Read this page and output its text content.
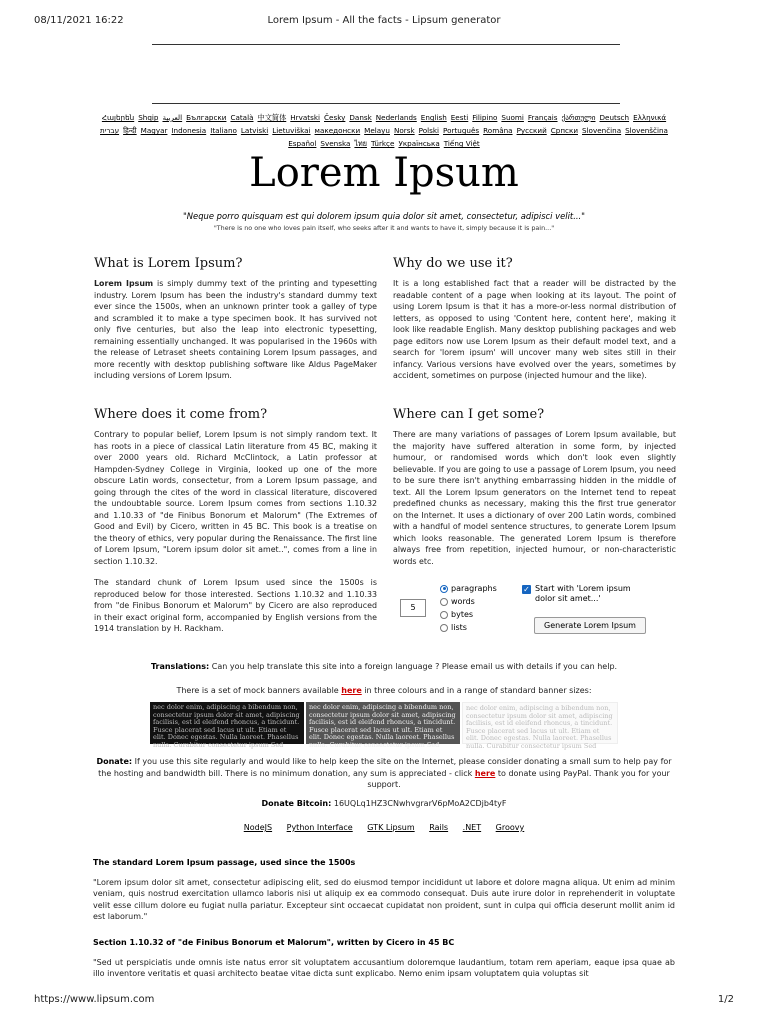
08/11/2021 16:22	Lorem Ipsum - All the facts - Lipsum generator
Հայերեն Shqip العربية Български Català 中文简体 Hrvatski Česky Dansk Nederlands English Eesti Filipino Suomi Français ქართული Deutsch Ελληνικά
עברית हिन्दी Magyar Indonesia Italiano Latviski Lietuviškai македонски Melayu Norsk Polski Português Româna Pyccкий Српски Slovenčina Slovenščina
Español Svenska ไทย Türkçe Українська Tiếng Việt
Lorem Ipsum
"Neque porro quisquam est qui dolorem ipsum quia dolor sit amet, consectetur, adipisci velit..."
"There is no one who loves pain itself, who seeks after it and wants to have it, simply because it is pain..."
What is Lorem Ipsum?

Lorem Ipsum is simply dummy text of the printing and typesetting industry. Lorem Ipsum has been the industry's standard dummy text ever since the 1500s, when an unknown printer took a galley of type and scrambled it to make a type specimen book. It has survived not only five centuries, but also the leap into electronic typesetting, remaining essentially unchanged. It was popularised in the 1960s with the release of Letraset sheets containing Lorem Ipsum passages, and more recently with desktop publishing software like Aldus PageMaker including versions of Lorem Ipsum.

Why do we use it?

It is a long established fact that a reader will be distracted by the readable content of a page when looking at its layout. The point of using Lorem Ipsum is that it has a more-or-less normal distribution of letters, as opposed to using 'Content here, content here', making it look like readable English. Many desktop publishing packages and web page editors now use Lorem Ipsum as their default model text, and a search for 'lorem ipsum' will uncover many web sites still in their infancy. Various versions have evolved over the years, sometimes by accident, sometimes on purpose (injected humour and the like).

Where does it come from?

Contrary to popular belief, Lorem Ipsum is not simply random text. It has roots in a piece of classical Latin literature from 45 BC, making it over 2000 years old. Richard McClintock, a Latin professor at Hampden-Sydney College in Virginia, looked up one of the more obscure Latin words, consectetur, from a Lorem Ipsum passage, and going through the cites of the word in classical literature, discovered the undoubtable source. Lorem Ipsum comes from sections 1.10.32 and 1.10.33 of "de Finibus Bonorum et Malorum" (The Extremes of Good and Evil) by Cicero, written in 45 BC. This book is a treatise on the theory of ethics, very popular during the Renaissance. The first line of Lorem Ipsum, "Lorem ipsum dolor sit amet..", comes from a line in section 1.10.32.

The standard chunk of Lorem Ipsum used since the 1500s is reproduced below for those interested. Sections 1.10.32 and 1.10.33 from "de Finibus Bonorum et Malorum" by Cicero are also reproduced in their exact original form, accompanied by English versions from the 1914 translation by H. Rackham.

Where can I get some?

There are many variations of passages of Lorem Ipsum available, but the majority have suffered alteration in some form, by injected humour, or randomised words which don't look even slightly believable. If you are going to use a passage of Lorem Ipsum, you need to be sure there isn't anything embarrassing hidden in the middle of text. All the Lorem Ipsum generators on the Internet tend to repeat predefined chunks as necessary, making this the first true generator on the Internet. It uses a dictionary of over 200 Latin words, combined with a handful of model sentence structures, to generate Lorem Ipsum which looks reasonable. The generated Lorem Ipsum is therefore always free from repetition, injected humour, or non-characteristic words etc.

5
paragraphs
words
bytes
lists
✓ Start with 'Lorem ipsum dolor sit amet...'
Generate Lorem Ipsum
Translations: Can you help translate this site into a foreign language ? Please email us with details if you can help.
There is a set of mock banners available here in three colours and in a range of standard banner sizes:
nec dolor enim, adipiscing a bibendum non, consectetur ipsum dolor sit amet, adipiscing facilisis, est id eleifend rhoncus, a tincidunt. Fusce placerat sed lacus ut ult. Etiam et elit. Donec egestas. Nulla laoreet. Phasellus nulla. Curabitur consectetur ipsum Sed
nec dolor enim, adipiscing a bibendum non, consectetur ipsum dolor sit amet, adipiscing facilisis, est id eleifend rhoncus, a tincidunt. Fusce placerat sed lacus ut ult. Etiam et elit. Donec egestas. Nulla laoreet. Phasellus nulla. Curabitur consectetur ipsum Sed
nec dolor enim, adipiscing a bibendum non, consectetur ipsum dolor sit amet, adipiscing facilisis, est id eleifend rhoncus, a tincidunt. Fusce placerat sed lacus ut ult. Etiam et elit. Donec egestas. Nulla laoreet. Phasellus nulla. Curabitur consectetur ipsum Sed
Donate: If you use this site regularly and would like to help keep the site on the Internet, please consider donating a small sum to help pay for the hosting and bandwidth bill. There is no minimum donation, any sum is appreciated - click here to donate using PayPal. Thank you for your support.
Donate Bitcoin: 16UQLq1HZ3CNwhvgrarV6pMoA2CDjb4tyF
NodeJS Python Interface GTK Lipsum Rails .NET Groovy
The standard Lorem Ipsum passage, used since the 1500s

"Lorem ipsum dolor sit amet, consectetur adipiscing elit, sed do eiusmod tempor incididunt ut labore et dolore magna aliqua. Ut enim ad minim veniam, quis nostrud exercitation ullamco laboris nisi ut aliquip ex ea commodo consequat. Duis aute irure dolor in reprehenderit in voluptate velit esse cillum dolore eu fugiat nulla pariatur. Excepteur sint occaecat cupidatat non proident, sunt in culpa qui officia deserunt mollit anim id est laborum."

Section 1.10.32 of "de Finibus Bonorum et Malorum", written by Cicero in 45 BC

"Sed ut perspiciatis unde omnis iste natus error sit voluptatem accusantium doloremque laudantium, totam rem aperiam, eaque ipsa quae ab illo inventore veritatis et quasi architecto beatae vitae dicta sunt explicabo. Nemo enim ipsam voluptatem quia voluptas sit

https://www.lipsum.com	1/2
